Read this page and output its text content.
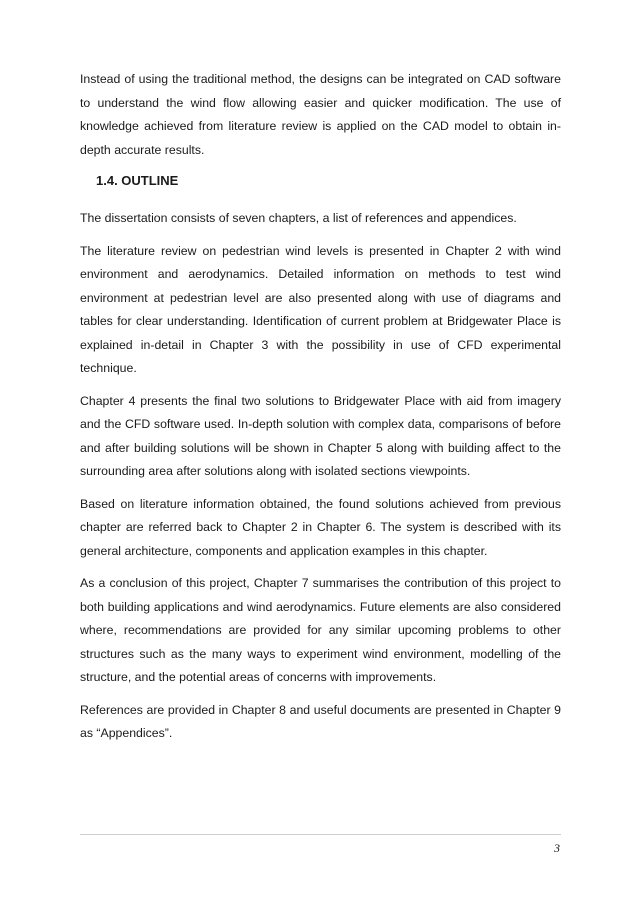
Instead of using the traditional method, the designs can be integrated on CAD software to understand the wind flow allowing easier and quicker modification. The use of knowledge achieved from literature review is applied on the CAD model to obtain in-depth accurate results.

1.4. OUTLINE

The dissertation consists of seven chapters, a list of references and appendices.

The literature review on pedestrian wind levels is presented in Chapter 2 with wind environment and aerodynamics. Detailed information on methods to test wind environment at pedestrian level are also presented along with use of diagrams and tables for clear understanding. Identification of current problem at Bridgewater Place is explained in-detail in Chapter 3 with the possibility in use of CFD experimental technique.

Chapter 4 presents the final two solutions to Bridgewater Place with aid from imagery and the CFD software used. In-depth solution with complex data, comparisons of before and after building solutions will be shown in Chapter 5 along with building affect to the surrounding area after solutions along with isolated sections viewpoints.

Based on literature information obtained, the found solutions achieved from previous chapter are referred back to Chapter 2 in Chapter 6. The system is described with its general architecture, components and application examples in this chapter.

As a conclusion of this project, Chapter 7 summarises the contribution of this project to both building applications and wind aerodynamics. Future elements are also considered where, recommendations are provided for any similar upcoming problems to other structures such as the many ways to experiment wind environment, modelling of the structure, and the potential areas of concerns with improvements.

References are provided in Chapter 8 and useful documents are presented in Chapter 9 as “Appendices”.

3
